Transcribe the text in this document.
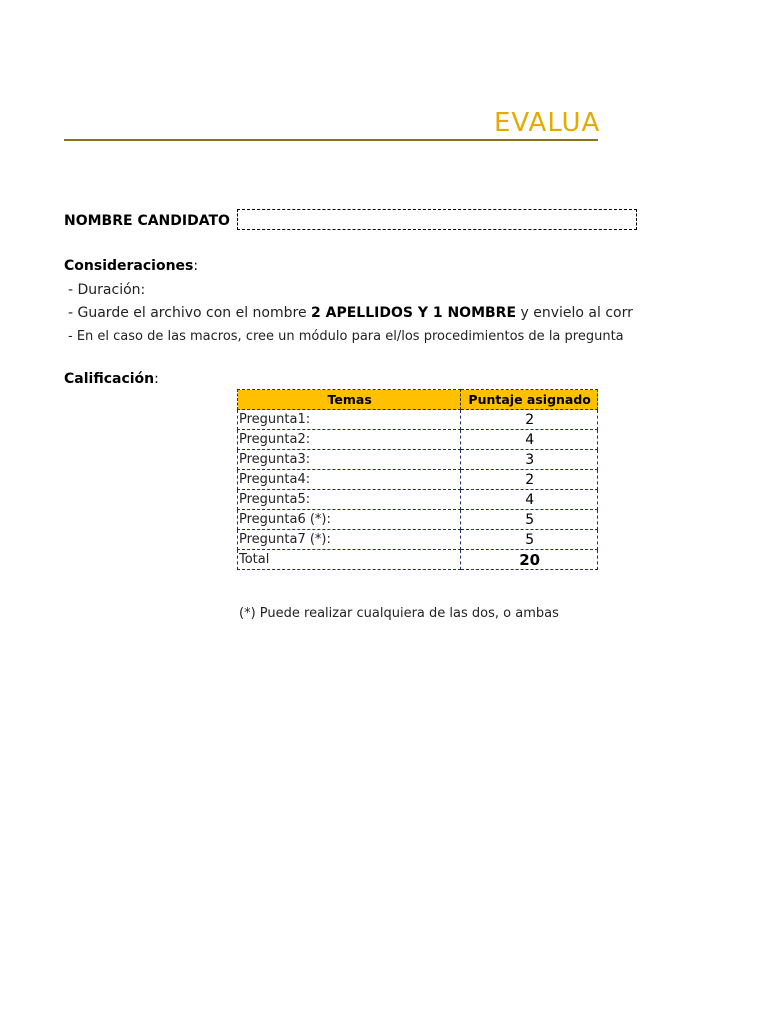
EVALUA
NOMBRE CANDIDATO
Consideraciones:
- Duración:
- Guarde el archivo con el nombre 2 APELLIDOS Y 1 NOMBRE y envielo al corr
- En el caso de las macros, cree un módulo para el/los procedimientos de la pregunta
Calificación:
Temas	Puntaje asignado
Pregunta1:	2
Pregunta2:	4
Pregunta3:	3
Pregunta4:	2
Pregunta5:	4
Pregunta6 (*):	5
Pregunta7 (*):	5
Total	20
(*) Puede realizar cualquiera de las dos, o ambas
